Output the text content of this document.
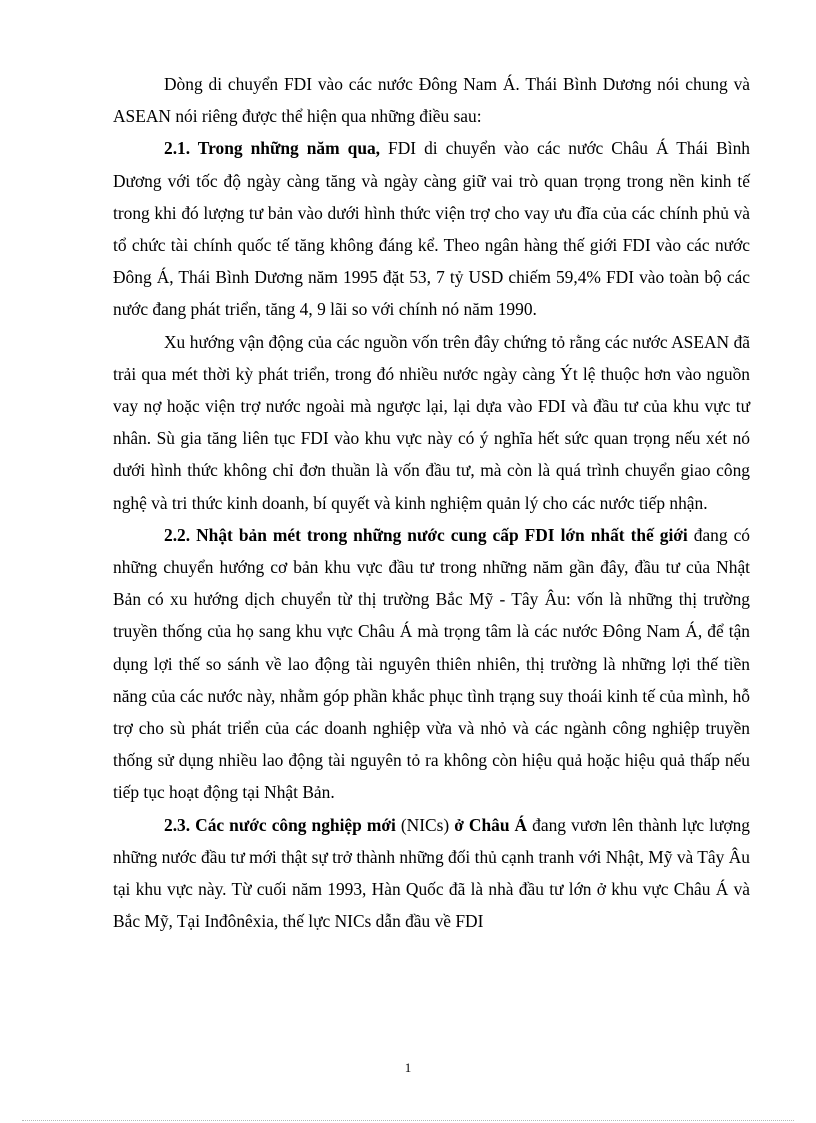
Dòng di chuyển FDI vào các nước Đông Nam Á. Thái Bình Dương nói chung và ASEAN nói riêng được thể hiện qua những điều sau:

2.1. Trong những năm qua, FDI di chuyển vào các nước Châu Á Thái Bình Dương với tốc độ ngày càng tăng và ngày càng giữ vai trò quan trọng trong nền kinh tế trong khi đó lượng tư bản vào dưới hình thức viện trợ cho vay ưu đĩa của các chính phủ và tổ chức tài chính quốc tế tăng không đáng kể. Theo ngân hàng thế giới FDI vào các nước Đông Á, Thái Bình Dương năm 1995 đặt 53, 7 tỷ USD chiếm 59,4% FDI vào toàn bộ các nước đang phát triển, tăng 4, 9 lãi so với chính nó năm 1990.

Xu hướng vận động của các nguồn vốn trên đây chứng tỏ rằng các nước ASEAN đã trải qua mét thời kỳ phát triển, trong đó nhiều nước ngày càng Ýt lệ thuộc hơn vào nguồn vay nợ hoặc viện trợ nước ngoài mà ngược lại, lại dựa vào FDI và đầu tư của khu vực tư nhân. Sù gia tăng liên tục FDI vào khu vực này có ý nghĩa hết sức quan trọng nếu xét nó dưới hình thức không chỉ đơn thuần là vốn đầu tư, mà còn là quá trình chuyển giao công nghệ và tri thức kinh doanh, bí quyết và kinh nghiệm quản lý cho các nước tiếp nhận.

2.2. Nhật bản mét trong những nước cung cấp FDI lớn nhất thế giới đang có những chuyển hướng cơ bản khu vực đầu tư trong những năm gần đây, đầu tư của Nhật Bản có xu hướng dịch chuyển từ thị trường Bắc Mỹ - Tây Âu: vốn là những thị trường truyền thống của họ sang khu vực Châu Á mà trọng tâm là các nước Đông Nam Á, để tận dụng lợi thế so sánh về lao động tài nguyên thiên nhiên, thị trường là những lợi thế tiền năng của các nước này, nhằm góp phần khắc phục tình trạng suy thoái kinh tế của mình, hỗ trợ cho sù phát triển của các doanh nghiệp vừa và nhỏ và các ngành công nghiệp truyền thống sử dụng nhiều lao động tài nguyên tỏ ra không còn hiệu quả hoặc hiệu quả thấp nếu tiếp tục hoạt động tại Nhật Bản.

2.3. Các nước công nghiệp mới (NICs) ở Châu Á đang vươn lên thành lực lượng những nước đầu tư mới thật sự trở thành những đối thủ cạnh tranh với Nhật, Mỹ và Tây Âu tại khu vực này. Từ cuối năm 1993, Hàn Quốc đã là nhà đầu tư lớn ở khu vực Châu Á và Bắc Mỹ, Tại Inđônêxia, thế lực NICs dẫn đầu về FDI

1
